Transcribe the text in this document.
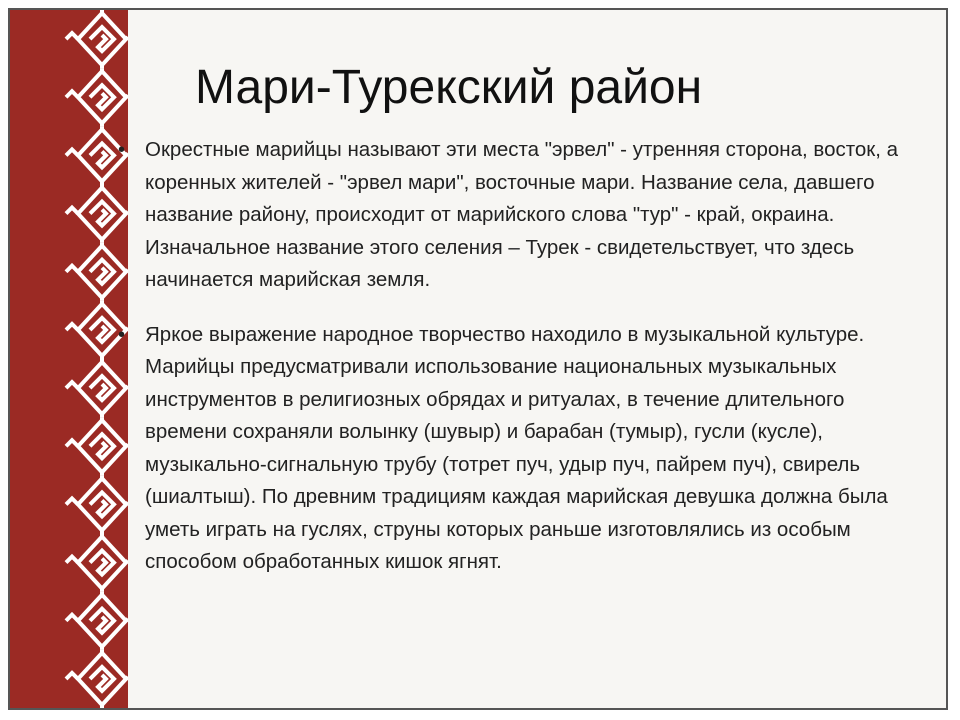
Мари-Турекский район
• Окрестные марийцы называют эти места "эрвел" - утренняя сторона, восток, а коренных жителей - "эрвел мари", восточные мари. Название села, давшего название району, происходит от марийского слова "тур" - край, окраина. Изначальное название этого селения – Турек - свидетельствует, что здесь начинается марийская земля.
• Яркое выражение народное творчество находило в музыкальной культуре. Марийцы предусматривали использование национальных музыкальных инструментов в религиозных обрядах и ритуалах, в течение длительного времени сохраняли волынку (шувыр) и барабан (тумыр), гусли (кусле), музыкально-сигнальную трубу (тотрет пуч, удыр пуч, пайрем пуч), свирель (шиалтыш). По древним традициям каждая марийская девушка должна была уметь играть на гуслях, струны которых раньше изготовлялись из особым способом обработанных кишок ягнят.
